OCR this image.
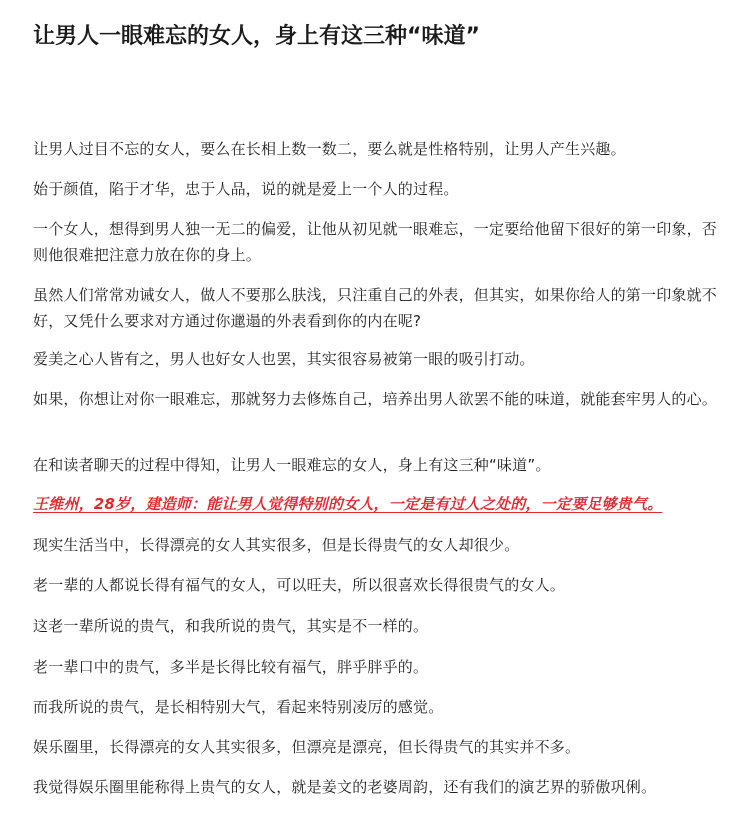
让男人一眼难忘的女人，身上有这三种“味道”

让男人过目不忘的女人，要么在长相上数一数二，要么就是性格特别，让男人产生兴趣。

始于颜值，陷于才华，忠于人品，说的就是爱上一个人的过程。

一个女人，想得到男人独一无二的偏爱，让他从初见就一眼难忘，一定要给他留下很好的第一印象，否则他很难把注意力放在你的身上。

虽然人们常常劝诫女人，做人不要那么肤浅，只注重自己的外表，但其实，如果你给人的第一印象就不好，又凭什么要求对方通过你邋遢的外表看到你的内在呢?

爱美之心人皆有之，男人也好女人也罢，其实很容易被第一眼的吸引打动。

如果，你想让对你一眼难忘，那就努力去修炼自己，培养出男人欲罢不能的味道，就能套牢男人的心。

在和读者聊天的过程中得知，让男人一眼难忘的女人，身上有这三种“味道”。

王维州，28岁，建造师：能让男人觉得特别的女人，一定是有过人之处的，一定要足够贵气。

现实生活当中，长得漂亮的女人其实很多，但是长得贵气的女人却很少。

老一辈的人都说长得有福气的女人，可以旺夫，所以很喜欢长得很贵气的女人。

这老一辈所说的贵气，和我所说的贵气，其实是不一样的。

老一辈口中的贵气，多半是长得比较有福气，胖乎胖乎的。

而我所说的贵气，是长相特别大气，看起来特别凌厉的感觉。

娱乐圈里，长得漂亮的女人其实很多，但漂亮是漂亮，但长得贵气的其实并不多。

我觉得娱乐圈里能称得上贵气的女人，就是姜文的老婆周韵，还有我们的演艺界的骄傲巩俐。
